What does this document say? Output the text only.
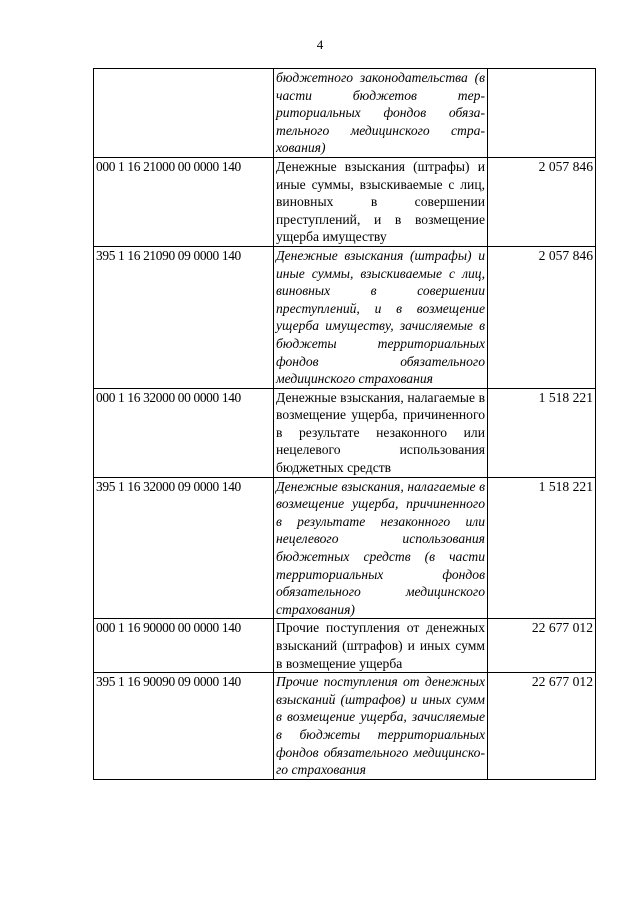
4
	бюджетного законодательства (в части бюджетов территориальных фондов обязательного медицинского страхования)	
000 1 16 21000 00 0000 140	Денежные взыскания (штрафы) и иные суммы, взыскиваемые с лиц, виновных в совершении преступлений, и в возмещение ущерба имуществу	2 057 846
395 1 16 21090 09 0000 140	Денежные взыскания (штрафы) и иные суммы, взыскиваемые с лиц, виновных в совершении преступлений, и в возмещение ущерба имуществу, зачисляемые в бюджеты территориальных фондов обязательного медицинского страхования	2 057 846
000 1 16 32000 00 0000 140	Денежные взыскания, налагаемые в возмещение ущерба, причиненного в результате незаконного или нецелевого использования бюджетных средств	1 518 221
395 1 16 32000 09 0000 140	Денежные взыскания, налагаемые в возмещение ущерба, причиненного в результате незаконного или нецелевого использования бюджетных средств (в части территориальных фондов обязательного медицинского страхования)	1 518 221
000 1 16 90000 00 0000 140	Прочие поступления от денежных взысканий (штрафов) и иных сумм в возмещение ущерба	22 677 012
395 1 16 90090 09 0000 140	Прочие поступления от денежных взысканий (штрафов) и иных сумм в возмещение ущерба, зачисляемые в бюджеты территориальных фондов обязательного медицинского страхования	22 677 012
